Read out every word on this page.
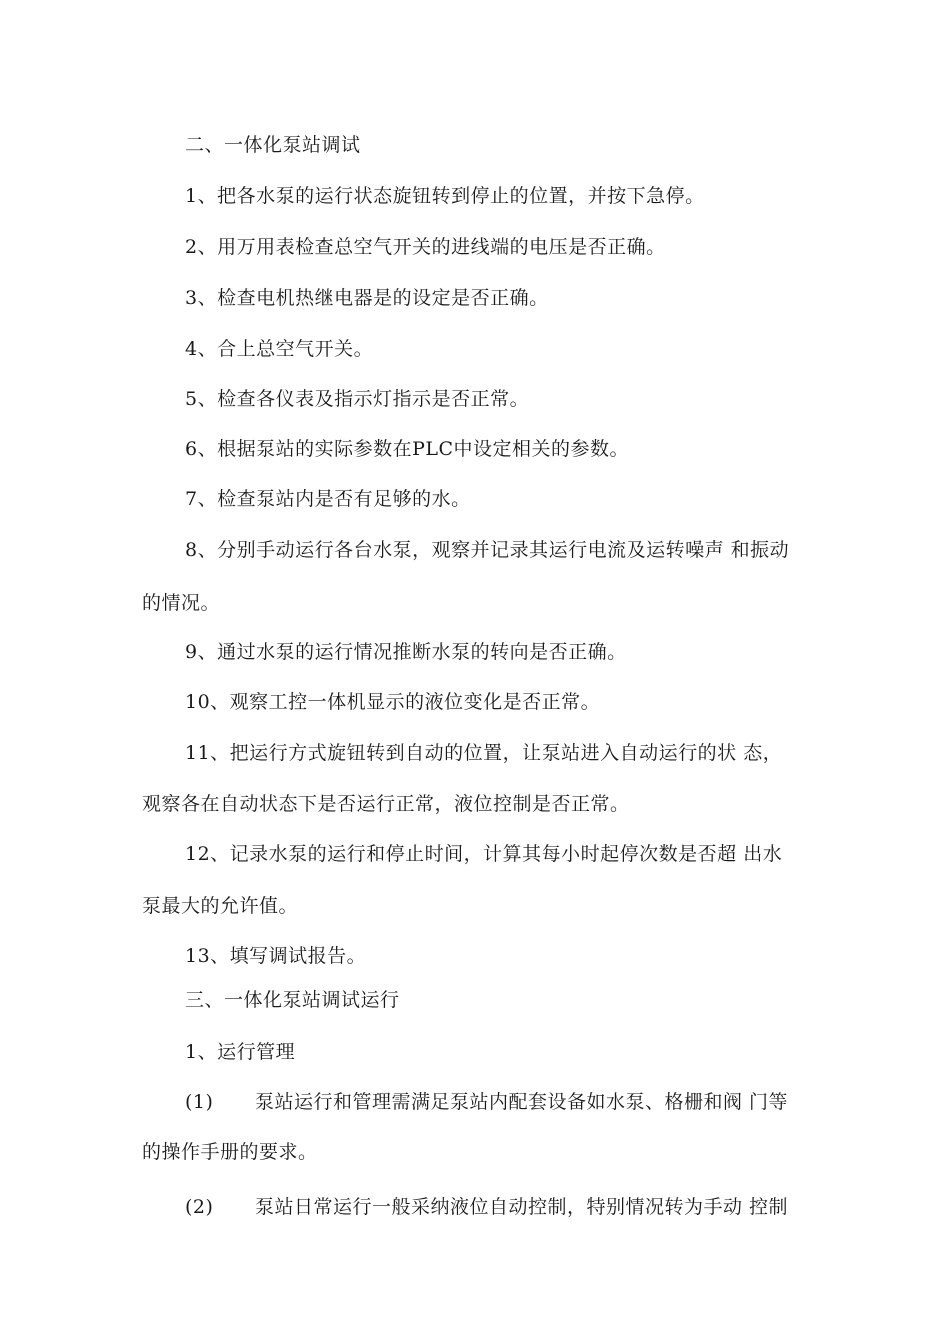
二、一体化泵站调试
1、把各水泵的运行状态旋钮转到停止的位置，并按下急停。
2、用万用表检查总空气开关的进线端的电压是否正确。
3、检查电机热继电器是的设定是否正确。
4、合上总空气开关。
5、检查各仪表及指示灯指示是否正常。
6、根据泵站的实际参数在PLC中设定相关的参数。
7、检查泵站内是否有足够的水。
8、分别手动运行各台水泵，观察并记录其运行电流及运转噪声 和振动
的情况。
9、通过水泵的运行情况推断水泵的转向是否正确。
10、观察工控一体机显示的液位变化是否正常。
11、把运行方式旋钮转到自动的位置，让泵站进入自动运行的状 态，
观察各在自动状态下是否运行正常，液位控制是否正常。
12、记录水泵的运行和停止时间，计算其每小时起停次数是否超 出水
泵最大的允许值。
13、填写调试报告。
三、一体化泵站调试运行
1、运行管理
(1) 泵站运行和管理需满足泵站内配套设备如水泵、格栅和阀 门等
的操作手册的要求。
(2) 泵站日常运行一般采纳液位自动控制，特别情况转为手动 控制
